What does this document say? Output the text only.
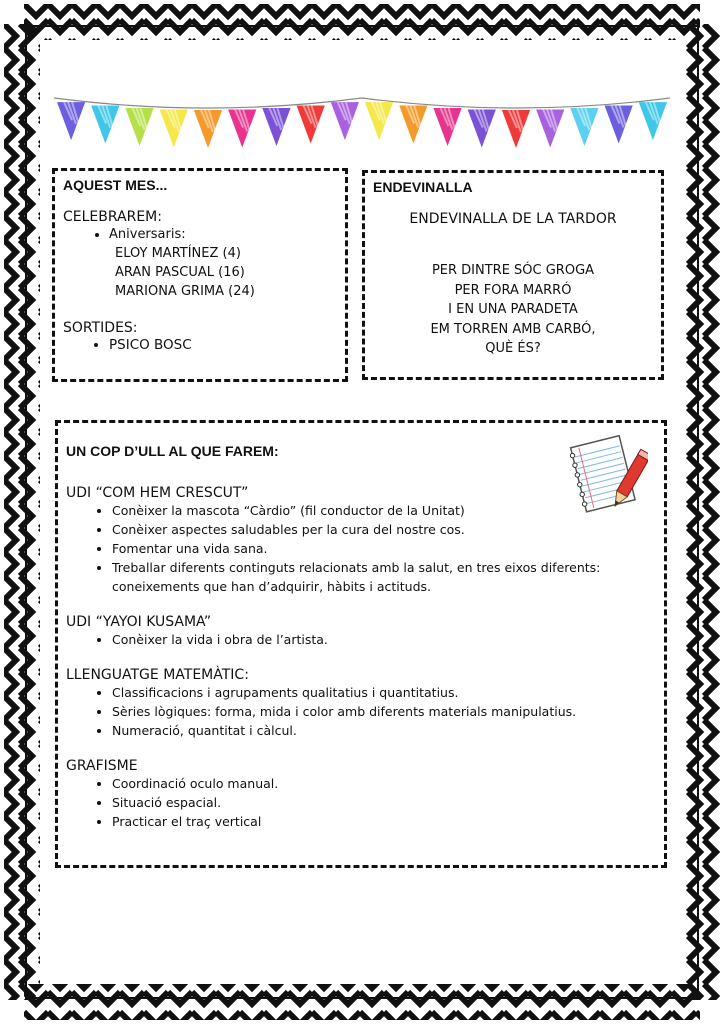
AQUEST MES...

CELEBRAREM:

• Aniversaris:
ELOY MARTÍNEZ (4)
ARAN PASCUAL (16)
MARIONA GRIMA (24)

SORTIDES:

• PSICO BOSC

ENDEVINALLA

ENDEVINALLA DE LA TARDOR
PER DINTRE SÓC GROGA
PER FORA MARRÓ
I EN UNA PARADETA
EM TORREN AMB CARBÓ,
QUÈ ÉS?

UN COP D’ULL AL QUE FAREM:

UDI “COM HEM CRESCUT”

• Conèixer la mascota “Càrdio” (fil conductor de la Unitat)
• Conèixer aspectes saludables per la cura del nostre cos.
• Fomentar una vida sana.
• Treballar diferents continguts relacionats amb la salut, en tres eixos diferents: coneixements que han d’adquirir, hàbits i actituds.

UDI “YAYOI KUSAMA”

• Conèixer la vida i obra de l’artista.

LLENGUATGE MATEMÀTIC:

• Classificacions i agrupaments qualitatius i quantitatius.
• Sèries lògiques: forma, mida i color amb diferents materials manipulatius.
• Numeració, quantitat i càlcul.

GRAFISME

• Coordinació oculo manual.
• Situació espacial.
• Practicar el traç vertical
